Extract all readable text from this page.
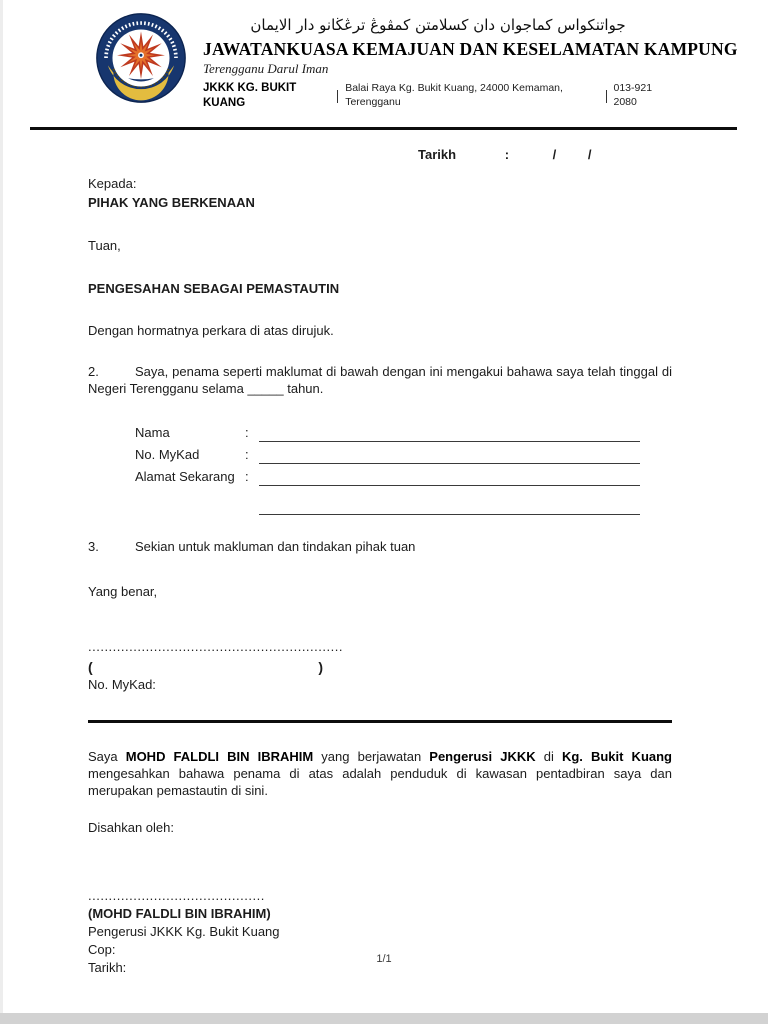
جواتنكواس كماجوان دان كسلامتن كمڤوڠ ترڠڬانو دار الايمان
JAWATANKUASA KEMAJUAN DAN KESELAMATAN KAMPUNG
Terengganu Darul Iman
JKKK KG. BUKIT KUANG
Balai Raya Kg. Bukit Kuang, 24000 Kemaman, Terengganu
013-921 2080
Tarikh	:	/ /
Kepada:
PIHAK YANG BERKENAAN
Tuan,
PENGESAHAN SEBAGAI PEMASTAUTIN
Dengan hormatnya perkara di atas dirujuk.

2.	Saya, penama seperti maklumat di bawah dengan ini mengakui bahawa saya telah tinggal di Negeri Terengganu selama _____ tahun.

Nama	:
No. MyKad	:
Alamat Sekarang :

3.	Sekian untuk makluman dan tindakan pihak tuan

Yang benar,
..............................................................
(	)
No. MyKad:

Saya MOHD FALDLI BIN IBRAHIM yang berjawatan Pengerusi JKKK di Kg. Bukit Kuang mengesahkan bahawa penama di atas adalah penduduk di kawasan pentadbiran saya dan merupakan pemastautin di sini.

Disahkan oleh:
...........................................
(MOHD FALDLI BIN IBRAHIM)
Pengerusi JKKK Kg. Bukit Kuang
Cop:
Tarikh:
1/1
